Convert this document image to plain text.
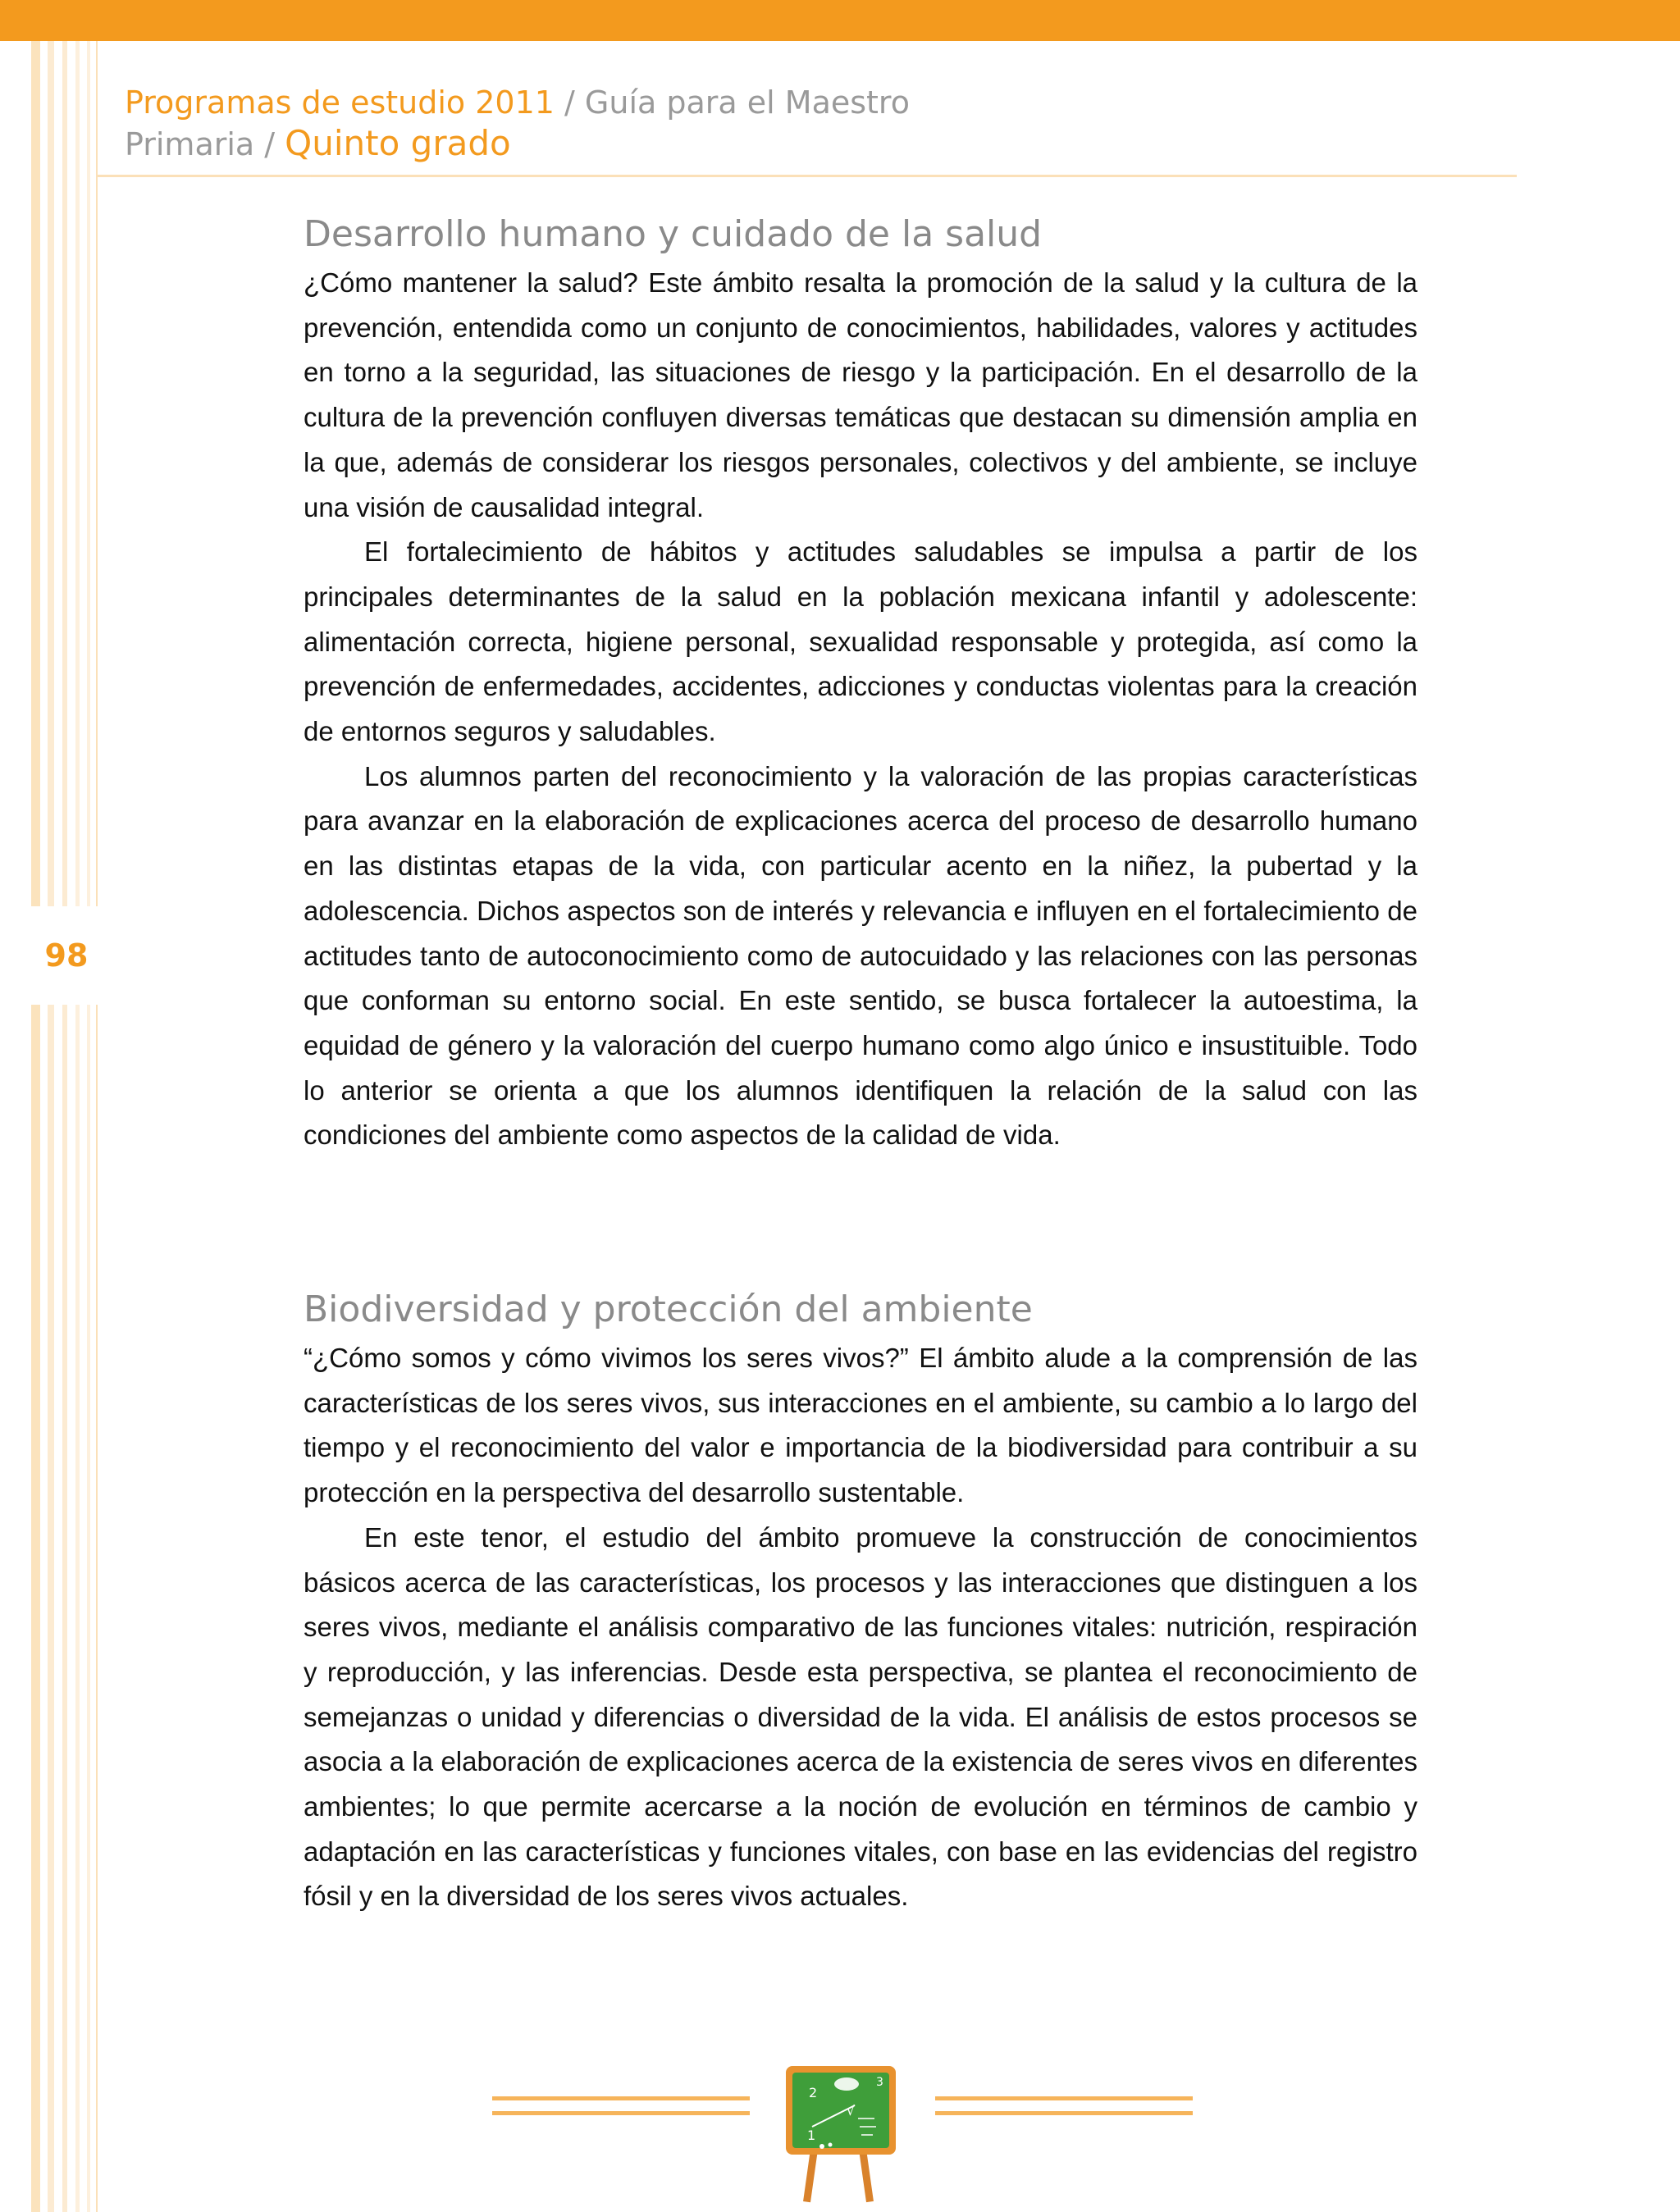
98
Programas de estudio 2011 / Guía para el Maestro
Primaria / Quinto grado
Desarrollo humano y cuidado de la salud

¿Cómo mantener la salud? Este ámbito resalta la promoción de la salud y la cultura de la prevención, entendida como un conjunto de conocimientos, habilidades, valores y actitudes en torno a la seguridad, las situaciones de riesgo y la participación. En el desarrollo de la cultura de la prevención confluyen diversas temáticas que destacan su dimensión amplia en la que, además de considerar los riesgos personales, colectivos y del ambiente, se incluye una visión de causalidad integral.

El fortalecimiento de hábitos y actitudes saludables se impulsa a partir de los principales determinantes de la salud en la población mexicana infantil y adolescente: alimentación correcta, higiene personal, sexualidad responsable y protegida, así como la prevención de enfermedades, accidentes, adicciones y conductas violentas para la creación de entornos seguros y saludables.

Los alumnos parten del reconocimiento y la valoración de las propias características para avanzar en la elaboración de explicaciones acerca del proceso de desarrollo humano en las distintas etapas de la vida, con particular acento en la niñez, la pubertad y la adolescencia. Dichos aspectos son de interés y relevancia e influyen en el fortalecimiento de actitudes tanto de autoconocimiento como de autocuidado y las relaciones con las personas que conforman su entorno social. En este sentido, se busca fortalecer la autoestima, la equidad de género y la valoración del cuerpo humano como algo único e insustituible. Todo lo anterior se orienta a que los alumnos identifiquen la relación de la salud con las condiciones del ambiente como aspectos de la calidad de vida.

Biodiversidad y protección del ambiente

“¿Cómo somos y cómo vivimos los seres vivos?” El ámbito alude a la comprensión de las características de los seres vivos, sus interacciones en el ambiente, su cambio a lo largo del tiempo y el reconocimiento del valor e importancia de la biodiversidad para contribuir a su protección en la perspectiva del desarrollo sustentable.

En este tenor, el estudio del ámbito promueve la construcción de conocimientos básicos acerca de las características, los procesos y las interacciones que distinguen a los seres vivos, mediante el análisis comparativo de las funciones vitales: nutrición, respiración y reproducción, y las inferencias. Desde esta perspectiva, se plantea el reconocimiento de semejanzas o unidad y diferencias o diversidad de la vida. El análisis de estos procesos se asocia a la elaboración de explicaciones acerca de la existencia de seres vivos en diferentes ambientes; lo que permite acercarse a la noción de evolución en términos de cambio y adaptación en las características y funciones vitales, con base en las evidencias del registro fósil y en la diversidad de los seres vivos actuales.

2
3
1
√
